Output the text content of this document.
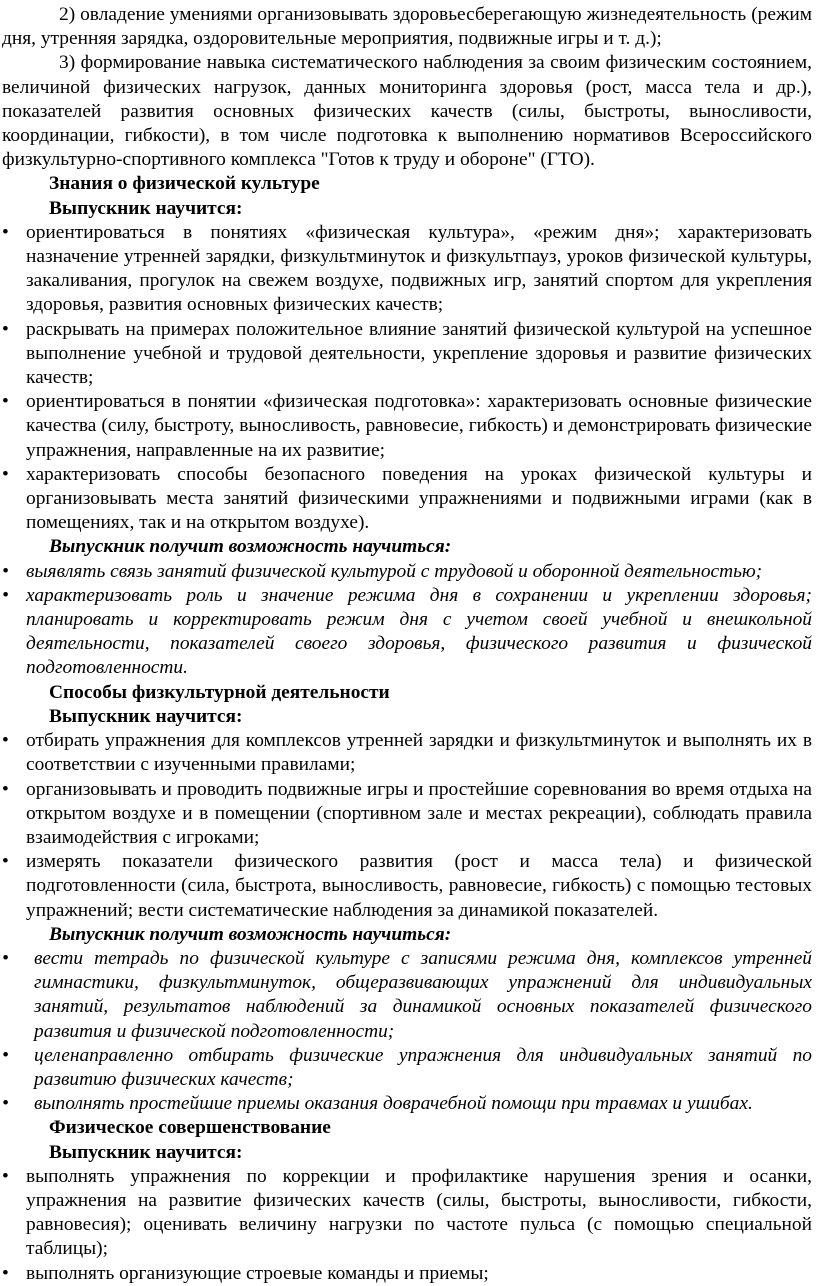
2) овладение умениями организовывать здоровьесберегающую жизнедеятельность (режим дня, утренняя зарядка, оздоровительные мероприятия, подвижные игры и т. д.);

3) формирование навыка систематического наблюдения за своим физическим состоянием, величиной физических нагрузок, данных мониторинга здоровья (рост, масса тела и др.), показателей развития основных физических качеств (силы, быстроты, выносливости, координации, гибкости), в том числе подготовка к выполнению нормативов Всероссийского физкультурно-спортивного комплекса "Готов к труду и обороне" (ГТО).

Знания о физической культуре

Выпускник научится:

• ориентироваться в понятиях «физическая культура», «режим дня»; характеризовать назначение утренней зарядки, физкультминуток и физкультпауз, уроков физической культуры, закаливания, прогулок на свежем воздухе, подвижных игр, занятий спортом для укрепления здоровья, развития основных физических качеств;
• раскрывать на примерах положительное влияние занятий физической культурой на успешное выполнение учебной и трудовой деятельности, укрепление здоровья и развитие физических качеств;
• ориентироваться в понятии «физическая подготовка»: характеризовать основные физические качества (силу, быстроту, выносливость, равновесие, гибкость) и демонстрировать физические упражнения, направленные на их развитие;
• характеризовать способы безопасного поведения на уроках физической культуры и организовывать места занятий физическими упражнениями и подвижными играми (как в помещениях, так и на открытом воздухе).

Выпускник получит возможность научиться:

• выявлять связь занятий физической культурой с трудовой и оборонной деятельностью;
• характеризовать роль и значение режима дня в сохранении и укреплении здоровья; планировать и корректировать режим дня с учетом своей учебной и внешкольной деятельности, показателей своего здоровья, физического развития и физической подготовленности.

Способы физкультурной деятельности

Выпускник научится:

• отбирать упражнения для комплексов утренней зарядки и физкультминуток и выполнять их в соответствии с изученными правилами;
• организовывать и проводить подвижные игры и простейшие соревнования во время отдыха на открытом воздухе и в помещении (спортивном зале и местах рекреации), соблюдать правила взаимодействия с игроками;
• измерять показатели физического развития (рост и масса тела) и физической подготовленности (сила, быстрота, выносливость, равновесие, гибкость) с помощью тестовых упражнений; вести систематические наблюдения за динамикой показателей.

Выпускник получит возможность научиться:

• вести тетрадь по физической культуре с записями режима дня, комплексов утренней гимнастики, физкультминуток, общеразвивающих упражнений для индивидуальных занятий, результатов наблюдений за динамикой основных показателей физического развития и физической подготовленности;
• целенаправленно отбирать физические упражнения для индивидуальных занятий по развитию физических качеств;
• выполнять простейшие приемы оказания доврачебной помощи при травмах и ушибах.

Физическое совершенствование

Выпускник научится:

• выполнять упражнения по коррекции и профилактике нарушения зрения и осанки, упражнения на развитие физических качеств (силы, быстроты, выносливости, гибкости, равновесия); оценивать величину нагрузки по частоте пульса (с помощью специальной таблицы);
• выполнять организующие строевые команды и приемы;
